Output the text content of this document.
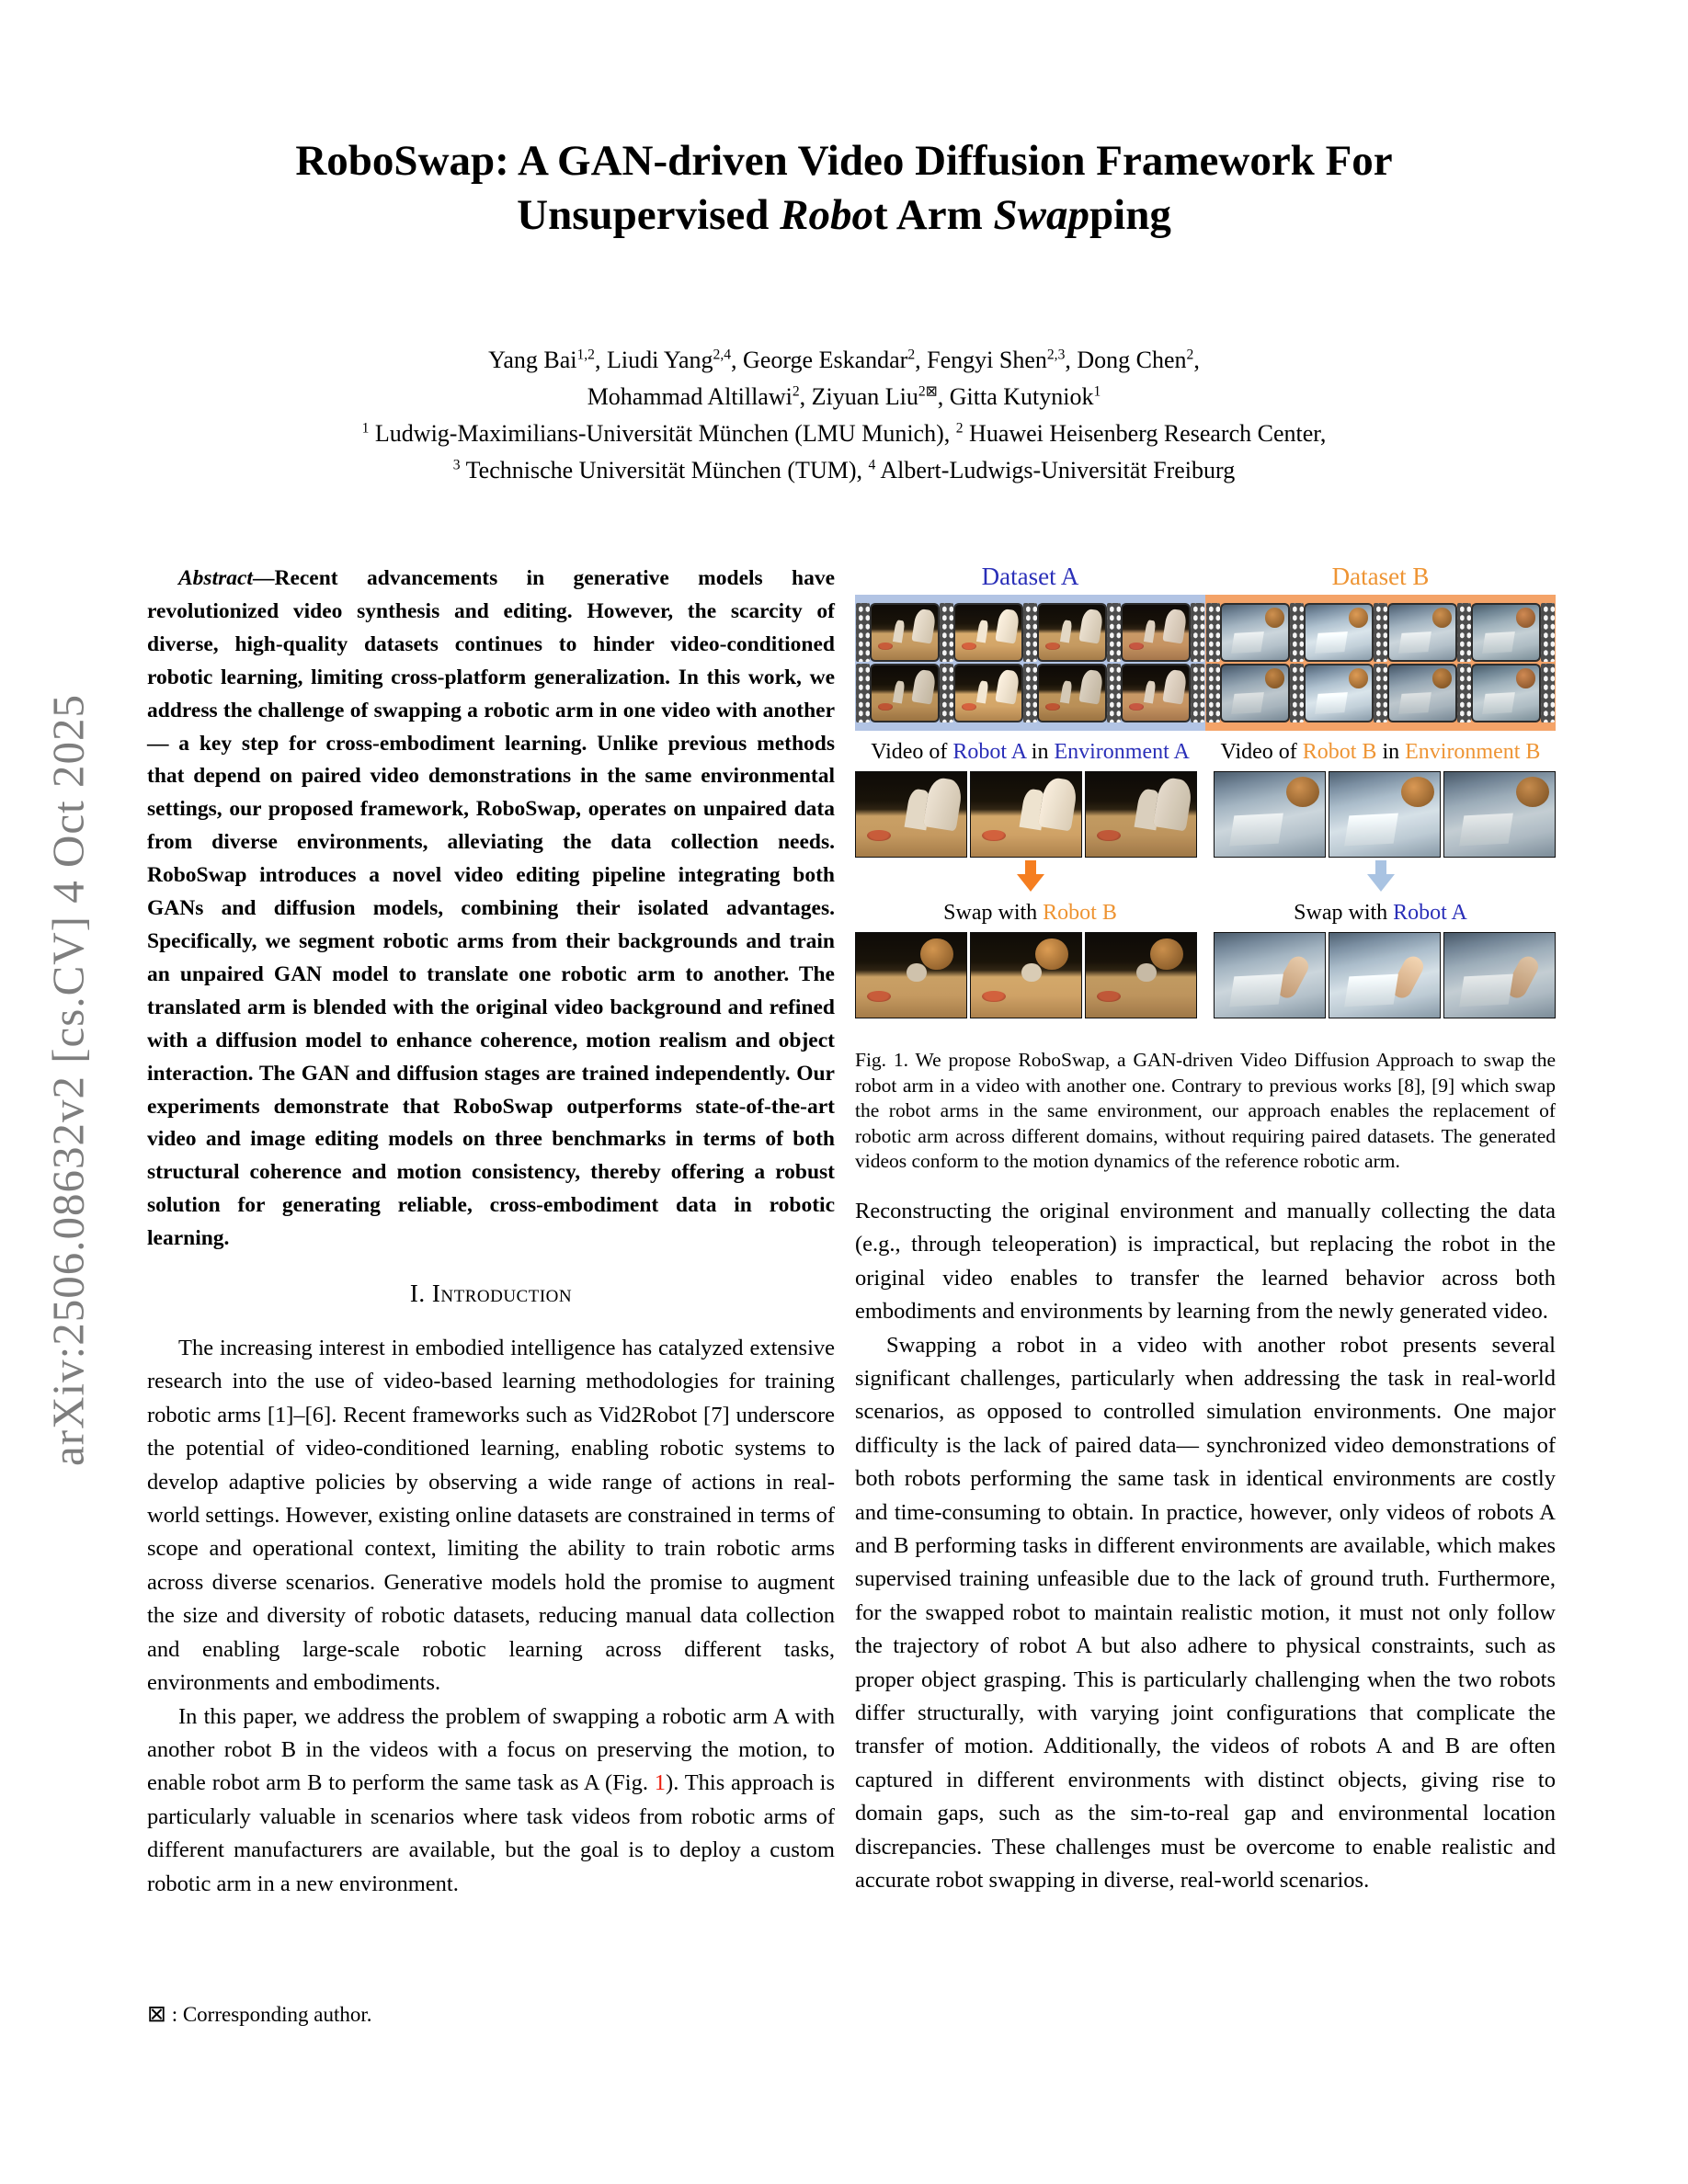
arXiv:2506.08632v2 [cs.CV] 4 Oct 2025
RoboSwap: A GAN-driven Video Diffusion Framework For
Unsupervised Robot Arm Swapping
Yang Bai$^{1,2}$, Liudi Yang$^{2,4}$, George Eskandar$^2$, Fengyi Shen$^{2,3}$, Dong Chen$^2$,
Mohammad Altillawi$^2$, Ziyuan Liu$^{2⊠}$, Gitta Kutyniok$^1$
$^1$ Ludwig-Maximilians-Universität München (LMU Munich), $^2$ Huawei Heisenberg Research Center,
$^3$ Technische Universität München (TUM), $^4$ Albert-Ludwigs-Universität Freiburg

Abstract—Recent advancements in generative models have revolutionized video synthesis and editing. However, the scarcity of diverse, high-quality datasets continues to hinder video-conditioned robotic learning, limiting cross-platform generalization. In this work, we address the challenge of swapping a robotic arm in one video with another— a key step for cross-embodiment learning. Unlike previous methods that depend on paired video demonstrations in the same environmental settings, our proposed framework, RoboSwap, operates on unpaired data from diverse environments, alleviating the data collection needs. RoboSwap introduces a novel video editing pipeline integrating both GANs and diffusion models, combining their isolated advantages. Specifically, we segment robotic arms from their backgrounds and train an unpaired GAN model to translate one robotic arm to another. The translated arm is blended with the original video background and refined with a diffusion model to enhance coherence, motion realism and object interaction. The GAN and diffusion stages are trained independently. Our experiments demonstrate that RoboSwap outperforms state-of-the-art video and image editing models on three benchmarks in terms of both structural coherence and motion consistency, thereby offering a robust solution for generating reliable, cross-embodiment data in robotic learning.

I. Introduction

The increasing interest in embodied intelligence has catalyzed extensive research into the use of video-based learning methodologies for training robotic arms [1]–[6]. Recent frameworks such as Vid2Robot [7] underscore the potential of video-conditioned learning, enabling robotic systems to develop adaptive policies by observing a wide range of actions in real-world settings. However, existing online datasets are constrained in terms of scope and operational context, limiting the ability to train robotic arms across diverse scenarios. Generative models hold the promise to augment the size and diversity of robotic datasets, reducing manual data collection and enabling large-scale robotic learning across different tasks, environments and embodiments.

In this paper, we address the problem of swapping a robotic arm A with another robot B in the videos with a focus on preserving the motion, to enable robot arm B to perform the same task as A (Fig. 1). This approach is particularly valuable in scenarios where task videos from robotic arms of different manufacturers are available, but the goal is to deploy a custom robotic arm in a new environment.

⊠ : Corresponding author.
Dataset A	Dataset B
Video of Robot A in Environment A	Video of Robot B in Environment B
Swap with Robot B	Swap with Robot A
Fig. 1. We propose RoboSwap, a GAN-driven Video Diffusion Approach to swap the robot arm in a video with another one. Contrary to previous works [8], [9] which swap the robot arms in the same environment, our approach enables the replacement of robotic arm across different domains, without requiring paired datasets. The generated videos conform to the motion dynamics of the reference robotic arm.

Reconstructing the original environment and manually collecting the data (e.g., through teleoperation) is impractical, but replacing the robot in the original video enables to transfer the learned behavior across both embodiments and environments by learning from the newly generated video.

Swapping a robot in a video with another robot presents several significant challenges, particularly when addressing the task in real-world scenarios, as opposed to controlled simulation environments. One major difficulty is the lack of paired data— synchronized video demonstrations of both robots performing the same task in identical environments are costly and time-consuming to obtain. In practice, however, only videos of robots A and B performing tasks in different environments are available, which makes supervised training unfeasible due to the lack of ground truth. Furthermore, for the swapped robot to maintain realistic motion, it must not only follow the trajectory of robot A but also adhere to physical constraints, such as proper object grasping. This is particularly challenging when the two robots differ structurally, with varying joint configurations that complicate the transfer of motion. Additionally, the videos of robots A and B are often captured in different environments with distinct objects, giving rise to domain gaps, such as the sim-to-real gap and environmental location discrepancies. These challenges must be overcome to enable realistic and accurate robot swapping in diverse, real-world scenarios.
